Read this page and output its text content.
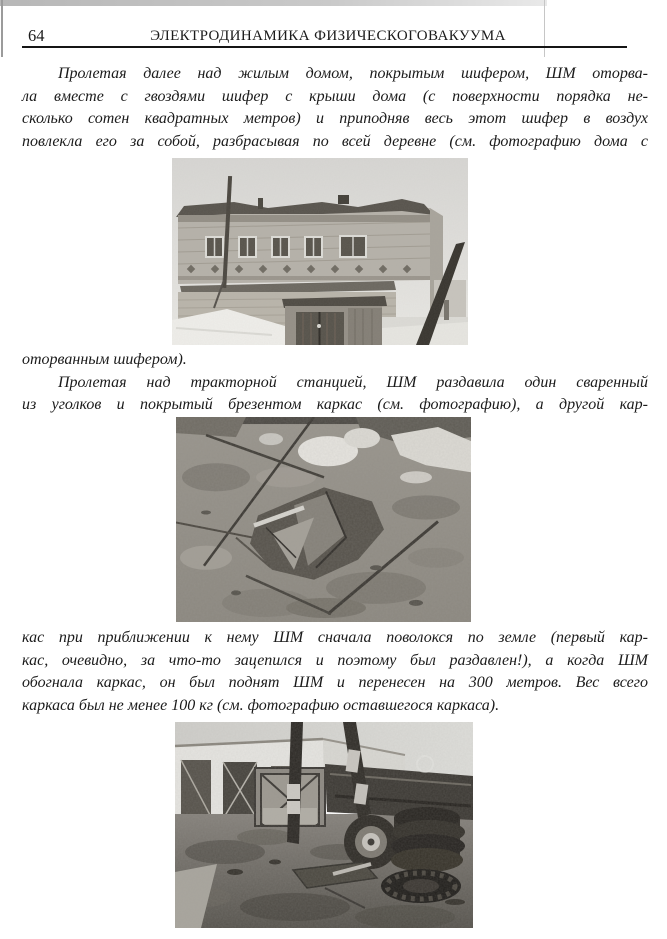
64	ЭЛЕКТРОДИНАМИКА ФИЗИЧЕСКОГОВАКУУМА
Пролетая далее над жилым домом, покрытым шифером, ШМ оторва-
ла вместе с гвоздями шифер с крыши дома (с поверхности порядка не-
сколько сотен квадратных метров) и приподняв весь этот шифер в воздух
повлекла его за собой, разбрасывая по всей деревне (см. фотографию дома с
оторванным шифером).
Пролетая над тракторной станцией, ШМ раздавила один сваренный
из уголков и покрытый брезентом каркас (см. фотографию), а другой кар-
кас при приближении к нему ШМ сначала поволокся по земле (первый кар-
кас, очевидно, за что-то зацепился и поэтому был раздавлен!), а когда ШМ
обогнала каркас, он был поднят ШМ и перенесен на 300 метров. Вес всего
каркаса был не менее 100 кг (см. фотографию оставшегося каркаса).
